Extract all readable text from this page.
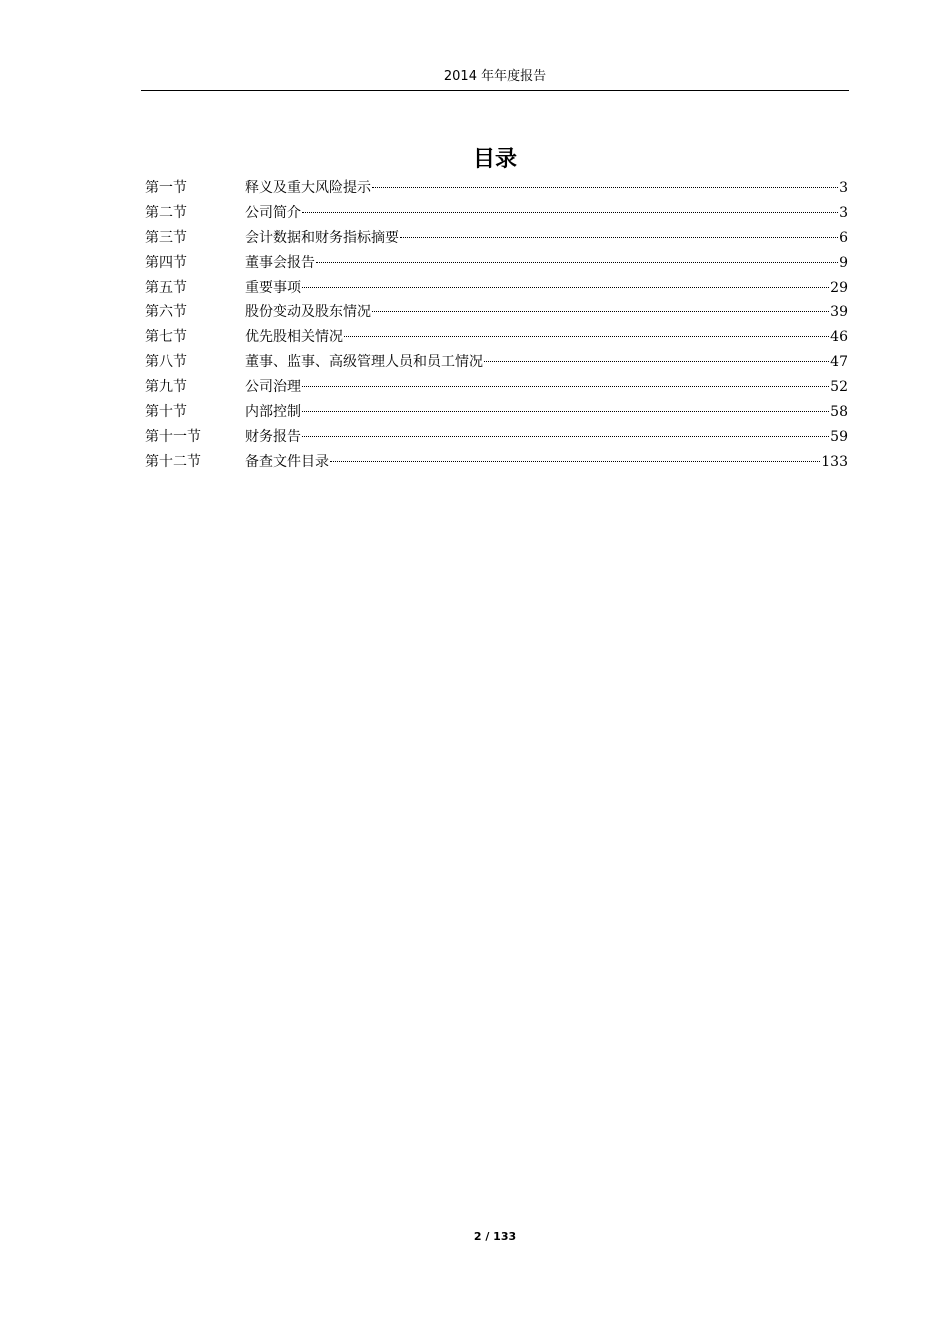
2014 年年度报告
目录
第一节	释义及重大风险提示	3
第二节	公司简介	3
第三节	会计数据和财务指标摘要	6
第四节	董事会报告	9
第五节	重要事项	29
第六节	股份变动及股东情况	39
第七节	优先股相关情况	46
第八节	董事、监事、高级管理人员和员工情况	47
第九节	公司治理	52
第十节	内部控制	58
第十一节	财务报告	59
第十二节	备查文件目录	133
2 / 133
